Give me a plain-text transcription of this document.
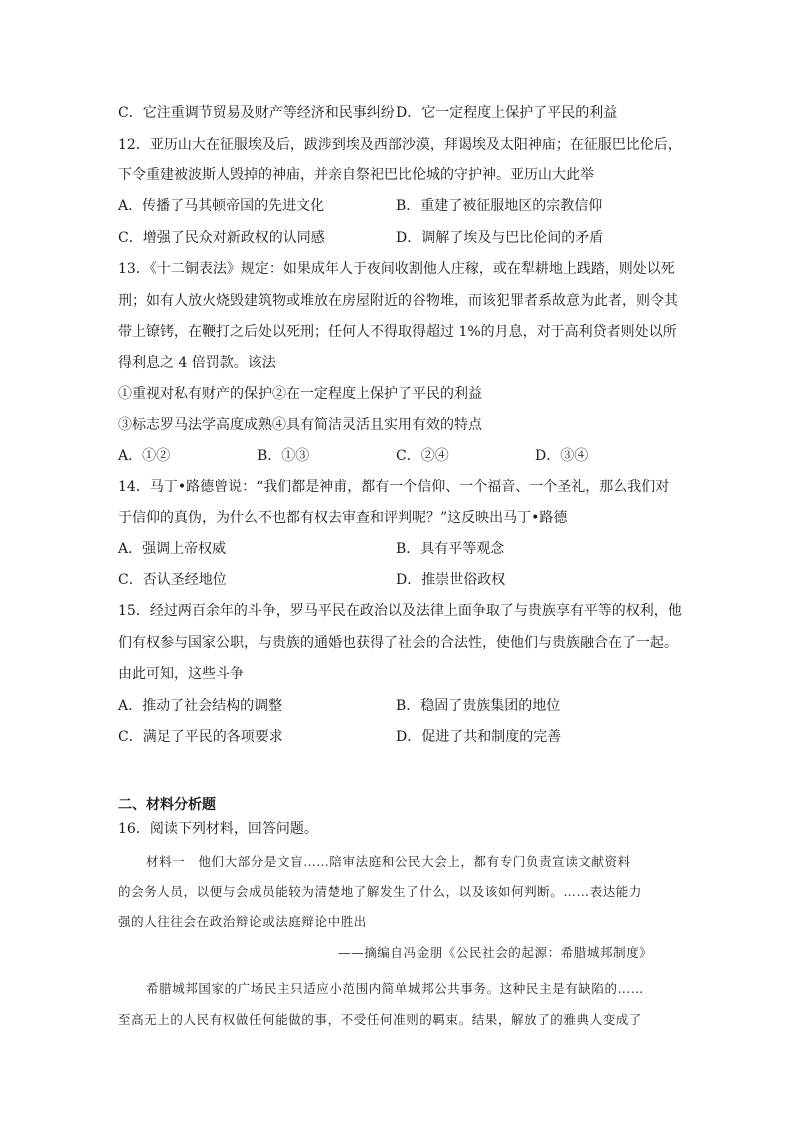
C．它注重调节贸易及财产等经济和民事纠纷 D．它一定程度上保护了平民的利益
12．亚历山大在征服埃及后，跋涉到埃及西部沙漠，拜谒埃及太阳神庙；在征服巴比伦后，
下令重建被波斯人毁掉的神庙，并亲自祭祀巴比伦城的守护神。亚历山大此举
A．传播了马其顿帝国的先进文化	B．重建了被征服地区的宗教信仰
C．增强了民众对新政权的认同感	D．调解了埃及与巴比伦间的矛盾
13．《十二铜表法》规定：如果成年人于夜间收割他人庄稼，或在犁耕地上践踏，则处以死
刑；如有人放火烧毁建筑物或堆放在房屋附近的谷物堆，而该犯罪者系故意为此者，则令其
带上镣铐，在鞭打之后处以死刑；任何人不得取得超过 1%的月息，对于高利贷者则处以所
得利息之 4 倍罚款。该法
①重视对私有财产的保护②在一定程度上保护了平民的利益
③标志罗马法学高度成熟④具有简洁灵活且实用有效的特点
A．①②	B．①③	C．②④	D．③④
14．马丁•路德曾说：“我们都是神甫，都有一个信仰、一个福音、一个圣礼，那么我们对
于信仰的真伪，为什么不也都有权去审查和评判呢？”这反映出马丁•路德
A．强调上帝权威	B．具有平等观念
C．否认圣经地位	D．推崇世俗政权
15．经过两百余年的斗争，罗马平民在政治以及法律上面争取了与贵族享有平等的权利，他
们有权参与国家公职，与贵族的通婚也获得了社会的合法性，使他们与贵族融合在了一起。
由此可知，这些斗争
A．推动了社会结构的调整	B．稳固了贵族集团的地位
C．满足了平民的各项要求	D．促进了共和制度的完善
二、材料分析题
16．阅读下列材料，回答问题。
材料一　他们大部分是文盲……陪审法庭和公民大会上，都有专门负责宣读文献资料
的会务人员，以便与会成员能较为清楚地了解发生了什么，以及该如何判断。……表达能力
强的人往往会在政治辩论或法庭辩论中胜出
——摘编自冯金朋《公民社会的起源：希腊城邦制度》
希腊城邦国家的广场民主只适应小范围内简单城邦公共事务。这种民主是有缺陷的……
至高无上的人民有权做任何能做的事，不受任何准则的羁束。结果，解放了的雅典人变成了
